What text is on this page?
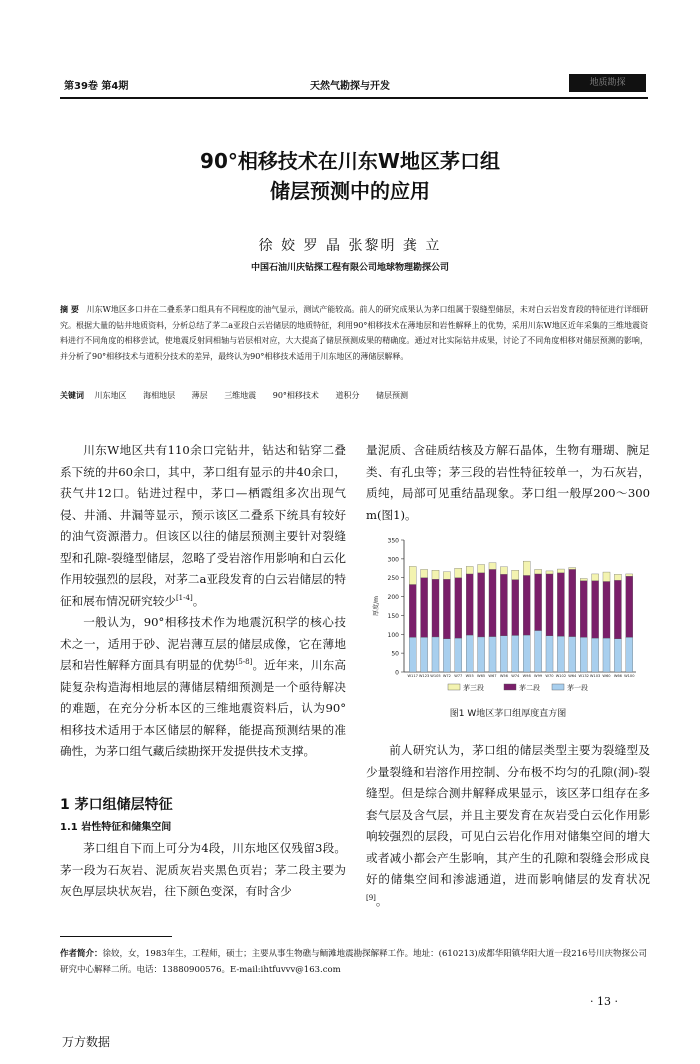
第39卷 第4期	天然气勘探与开发	地质勘探
90°相移技术在川东W地区茅口组
储层预测中的应用
徐 姣 罗 晶 张黎明 龚 立
中国石油川庆钻探工程有限公司地球物理勘探公司
摘 要 川东W地区多口井在二叠系茅口组具有不同程度的油气显示，测试产能较高。前人的研究成果认为茅口组属于裂缝型储层，未对白云岩发育段的特征进行详细研究。根据大量的钻井地质资料，分析总结了茅二a亚段白云岩储层的地质特征，利用90°相移技术在薄地层和岩性解释上的优势，采用川东W地区近年采集的三维地震资料进行不同角度的相移尝试，使地震反射同相轴与岩层相对应，大大提高了储层预测成果的精确度。通过对比实际钻井成果，讨论了不同角度相移对储层预测的影响，并分析了90°相移技术与道积分技术的差异，最终认为90°相移技术适用于川东地区的薄储层解释。
关键词 川东地区 海相地层 薄层 三维地震 90°相移技术 道积分 储层预测

川东W地区共有110余口完钻井，钻达和钻穿二叠系下统的井60余口，其中，茅口组有显示的井40余口，获气井12口。钻进过程中，茅口—栖霞组多次出现气侵、井涌、井漏等显示，预示该区二叠系下统具有较好的油气资源潜力。但该区以往的储层预测主要针对裂缝型和孔隙-裂缝型储层，忽略了受岩溶作用影响和白云化作用较强烈的层段，对茅二a亚段发育的白云岩储层的特征和展布情况研究较少[1-4]。

一般认为，90°相移技术作为地震沉积学的核心技术之一，适用于砂、泥岩薄互层的储层成像，它在薄地层和岩性解释方面具有明显的优势[5-8]。近年来，川东高陡复杂构造海相地层的薄储层精细预测是一个亟待解决的难题，在充分分析本区的三维地震资料后，认为90°相移技术适用于本区储层的解释，能提高预测结果的准确性，为茅口组气藏后续勘探开发提供技术支撑。

1 茅口组储层特征
1.1 岩性特征和储集空间

茅口组自下而上可分为4段，川东地区仅残留3段。茅一段为石灰岩、泥质灰岩夹黑色页岩；茅二段主要为灰色厚层块状灰岩，往下颜色变深，有时含少

量泥质、含硅质结核及方解石晶体，生物有珊瑚、腕足类、有孔虫等；茅三段的岩性特征较单一，为石灰岩，质纯，局部可见重结晶现象。茅口组一般厚200～300 m(图1)。

0
50
100
150
200
250
300
350
厚度/m
W117 W123 W105 W72 W77 W55 W65 W67 W56 W74 W98 W99 W70 W102 W64 W132 W103 W60 W66 W100
茅三段	茅二段	茅一段
图1 W地区茅口组厚度直方图

前人研究认为，茅口组的储层类型主要为裂缝型及少量裂缝和岩溶作用控制、分布极不均匀的孔隙(洞)-裂缝型。但是综合测井解释成果显示，该区茅口组存在多套气层及含气层，并且主要发育在灰岩受白云化作用影响较强烈的层段，可见白云岩化作用对储集空间的增大或者减小都会产生影响，其产生的孔隙和裂缝会形成良好的储集空间和渗滤通道，进而影响储层的发育状况[9]。

作者简介：徐姣，女，1983年生，工程师，硕士；主要从事生物礁与鲕滩地震勘探解释工作。地址：(610213)成都华阳镇华阳大道一段216号川庆物探公司研究中心解释二所。电话：13880900576。E-mail:ihtfuvvv@163.com
· 13 ·
万方数据
